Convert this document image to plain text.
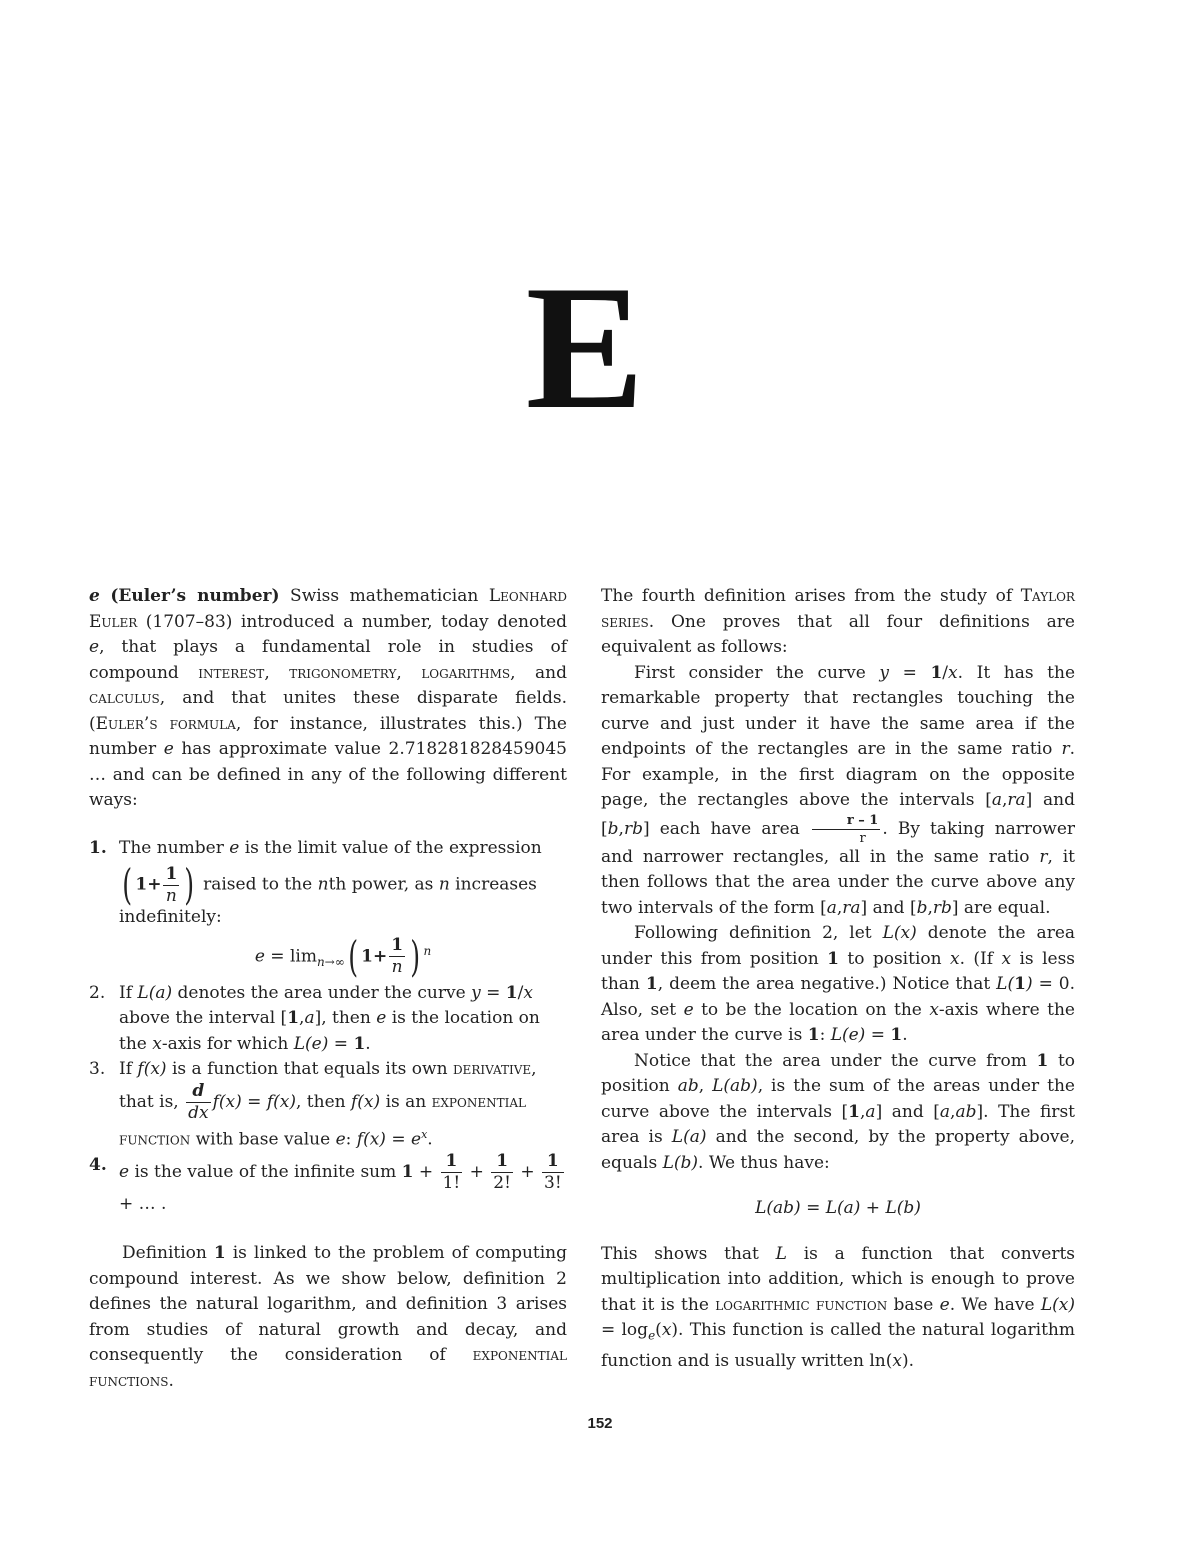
E

e (Euler’s number) Swiss mathematician Leonhard Euler (1707–83) introduced a number, today denoted e, that plays a fundamental role in studies of compound interest, trigonometry, logarithms, and calculus, and that unites these disparate fields. (Euler’s formula, for instance, illustrates this.) The number e has approximate value 2.718281828459045 … and can be defined in any of the following different ways:

1. The number e is the limit value of the expression
( $1+ \frac{1}{n}$ ) raised to the nth power, as n increases indefinitely:
$e = \lim_{n\to\infty}$( $1+ \frac{1}{n}$ ) $^n$
2. If L(a) denotes the area under the curve y = 1/x above the interval [1,a], then e is the location on the x-axis for which L(e) = 1.
3. If f(x) is a function that equals its own derivative, that is, $\frac{d}{dx} f(x) = f(x)$, then f(x) is an exponential function with base value e: $f(x) = e^x$.
4. e is the value of the infinite sum $1 + \frac{1}{1!} + \frac{1}{2!} + \frac{1}{3!}$
+ … .

Definition 1 is linked to the problem of computing compound interest. As we show below, definition 2 defines the natural logarithm, and definition 3 arises from studies of natural growth and decay, and consequently the consideration of exponential functions.

The fourth definition arises from the study of Taylor series. One proves that all four definitions are equivalent as follows:

First consider the curve y = 1/x. It has the remarkable property that rectangles touching the curve and just under it have the same area if the endpoints of the rectangles are in the same ratio r. For example, in the first diagram on the opposite page, the rectangles above the intervals [a,ra] and [b,rb] each have area $\frac{r - 1}{r}$ . By taking narrower and narrower rectangles, all in the same ratio r, it then follows that the area under the curve above any two intervals of the form [a,ra] and [b,rb] are equal.

Following definition 2, let L(x) denote the area under this from position 1 to position x. (If x is less than 1, deem the area negative.) Notice that L(1) = 0. Also, set e to be the location on the x-axis where the area under the curve is 1: L(e) = 1.

Notice that the area under the curve from 1 to position ab, L(ab), is the sum of the areas under the curve above the intervals [1,a] and [a,ab]. The first area is L(a) and the second, by the property above, equals L(b). We thus have:

L(ab) = L(a) + L(b)

This shows that L is a function that converts multiplication into addition, which is enough to prove that it is the logarithmic function base e. We have $L(x) = \log_e(x)$. This function is called the natural logarithm function and is usually written ln(x).

152
